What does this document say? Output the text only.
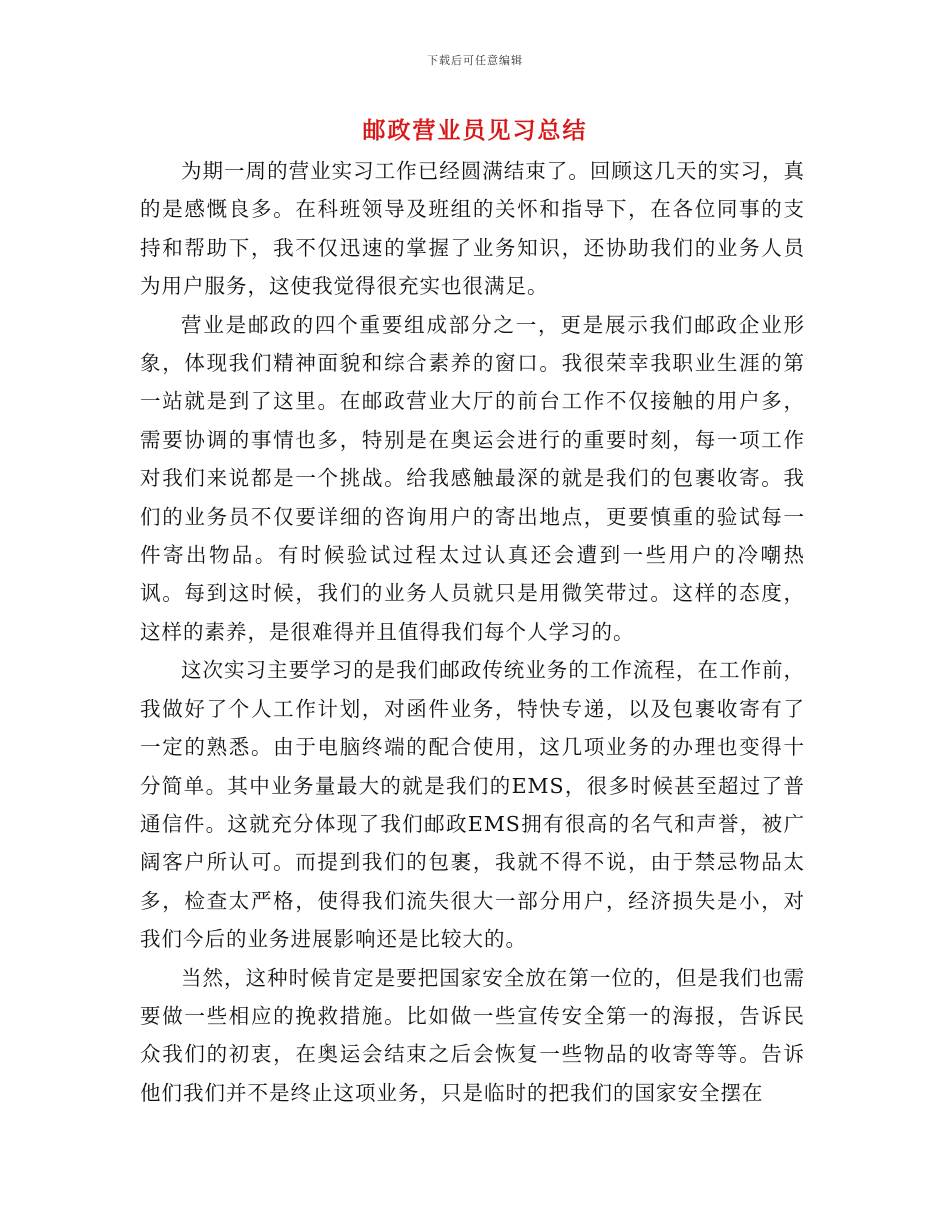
下载后可任意编辑
邮政营业员见习总结

为期一周的营业实习工作已经圆满结束了。回顾这几天的实习，真的是感慨良多。在科班领导及班组的关怀和指导下，在各位同事的支持和帮助下，我不仅迅速的掌握了业务知识，还协助我们的业务人员为用户服务，这使我觉得很充实也很满足。

营业是邮政的四个重要组成部分之一，更是展示我们邮政企业形象，体现我们精神面貌和综合素养的窗口。我很荣幸我职业生涯的第一站就是到了这里。在邮政营业大厅的前台工作不仅接触的用户多，需要协调的事情也多，特别是在奥运会进行的重要时刻，每一项工作对我们来说都是一个挑战。给我感触最深的就是我们的包裹收寄。我们的业务员不仅要详细的咨询用户的寄出地点，更要慎重的验试每一件寄出物品。有时候验试过程太过认真还会遭到一些用户的冷嘲热讽。每到这时候，我们的业务人员就只是用微笑带过。这样的态度，这样的素养，是很难得并且值得我们每个人学习的。

这次实习主要学习的是我们邮政传统业务的工作流程，在工作前，我做好了个人工作计划，对函件业务，特快专递，以及包裹收寄有了一定的熟悉。由于电脑终端的配合使用，这几项业务的办理也变得十分简单。其中业务量最大的就是我们的EMS，很多时候甚至超过了普通信件。这就充分体现了我们邮政EMS拥有很高的名气和声誉，被广阔客户所认可。而提到我们的包裹，我就不得不说，由于禁忌物品太多，检查太严格，使得我们流失很大一部分用户，经济损失是小，对我们今后的业务进展影响还是比较大的。

当然，这种时候肯定是要把国家安全放在第一位的，但是我们也需要做一些相应的挽救措施。比如做一些宣传安全第一的海报，告诉民众我们的初衷，在奥运会结束之后会恢复一些物品的收寄等等。告诉他们我们并不是终止这项业务，只是临时的把我们的国家安全摆在
